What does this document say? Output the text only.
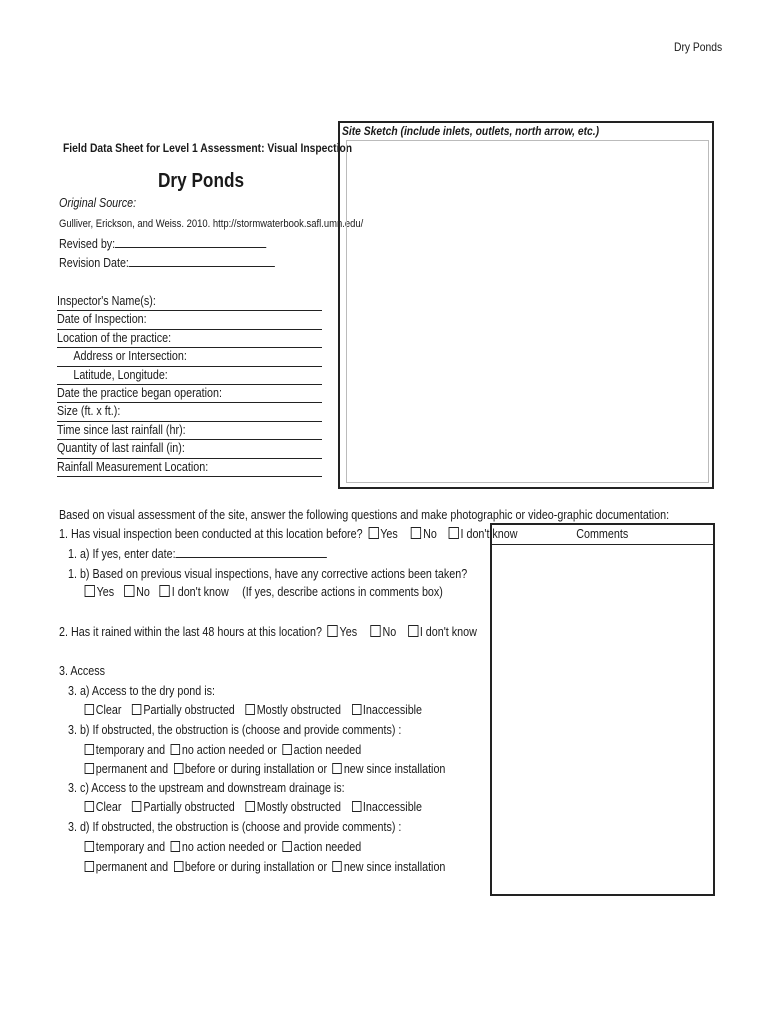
Dry Ponds
Field Data Sheet for Level 1 Assessment: Visual Inspection
Dry Ponds
Original Source:
Gulliver, Erickson, and Weiss. 2010. http://stormwaterbook.safl.umn.edu/
Revised by:
Revision Date:
Inspector's Name(s):
Date of Inspection:
Location of the practice:
Address or Intersection:
Latitude, Longitude:
Date the practice began operation:
Size (ft. x ft.):
Time since last rainfall (hr):
Quantity of last rainfall (in):
Rainfall Measurement Location:
Site Sketch (include inlets, outlets, north arrow, etc.)
Based on visual assessment of the site, answer the following questions and make photographic or video-graphic documentation:
1. Has visual inspection been conducted at this location before? Yes No I don't know
1. a) If yes, enter date:
1. b) Based on previous visual inspections, have any corrective actions been taken?
Yes No I don't know (If yes, describe actions in comments box)
2. Has it rained within the last 48 hours at this location? Yes No I don't know
3. Access
3. a) Access to the dry pond is:
Clear Partially obstructed Mostly obstructed Inaccessible
3. b) If obstructed, the obstruction is (choose and provide comments) :
temporary and no action needed or action needed
permanent and before or during installation or new since installation
3. c) Access to the upstream and downstream drainage is:
Clear Partially obstructed Mostly obstructed Inaccessible
3. d) If obstructed, the obstruction is (choose and provide comments) :
temporary and no action needed or action needed
permanent and before or during installation or new since installation
Comments
